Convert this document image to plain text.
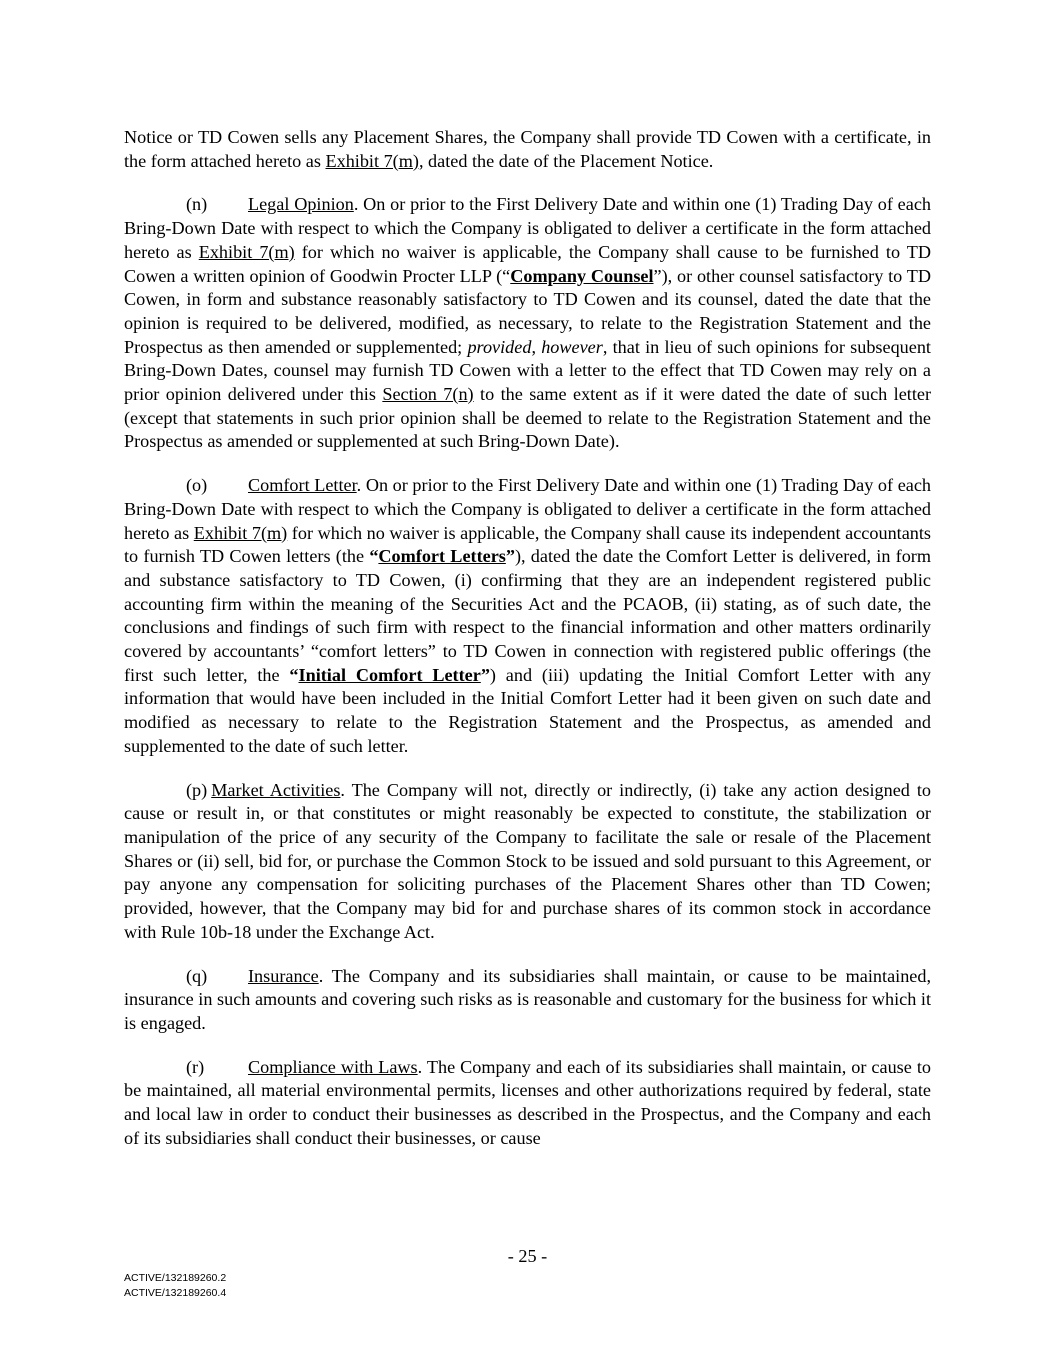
Notice or TD Cowen sells any Placement Shares, the Company shall provide TD Cowen with a certificate, in the form attached hereto as Exhibit 7(m), dated the date of the Placement Notice.

(n) Legal Opinion. On or prior to the First Delivery Date and within one (1) Trading Day of each Bring-Down Date with respect to which the Company is obligated to deliver a certificate in the form attached hereto as Exhibit 7(m) for which no waiver is applicable, the Company shall cause to be furnished to TD Cowen a written opinion of Goodwin Procter LLP (“Company Counsel”), or other counsel satisfactory to TD Cowen, in form and substance reasonably satisfactory to TD Cowen and its counsel, dated the date that the opinion is required to be delivered, modified, as necessary, to relate to the Registration Statement and the Prospectus as then amended or supplemented; provided, however, that in lieu of such opinions for subsequent Bring-Down Dates, counsel may furnish TD Cowen with a letter to the effect that TD Cowen may rely on a prior opinion delivered under this Section 7(n) to the same extent as if it were dated the date of such letter (except that statements in such prior opinion shall be deemed to relate to the Registration Statement and the Prospectus as amended or supplemented at such Bring-Down Date).

(o) Comfort Letter. On or prior to the First Delivery Date and within one (1) Trading Day of each Bring-Down Date with respect to which the Company is obligated to deliver a certificate in the form attached hereto as Exhibit 7(m) for which no waiver is applicable, the Company shall cause its independent accountants to furnish TD Cowen letters (the “Comfort Letters”), dated the date the Comfort Letter is delivered, in form and substance satisfactory to TD Cowen, (i) confirming that they are an independent registered public accounting firm within the meaning of the Securities Act and the PCAOB, (ii) stating, as of such date, the conclusions and findings of such firm with respect to the financial information and other matters ordinarily covered by accountants’ “comfort letters” to TD Cowen in connection with registered public offerings (the first such letter, the “Initial Comfort Letter”) and (iii) updating the Initial Comfort Letter with any information that would have been included in the Initial Comfort Letter had it been given on such date and modified as necessary to relate to the Registration Statement and the Prospectus, as amended and supplemented to the date of such letter.

(p) Market Activities. The Company will not, directly or indirectly, (i) take any action designed to cause or result in, or that constitutes or might reasonably be expected to constitute, the stabilization or manipulation of the price of any security of the Company to facilitate the sale or resale of the Placement Shares or (ii) sell, bid for, or purchase the Common Stock to be issued and sold pursuant to this Agreement, or pay anyone any compensation for soliciting purchases of the Placement Shares other than TD Cowen; provided, however, that the Company may bid for and purchase shares of its common stock in accordance with Rule 10b-18 under the Exchange Act.

(q) Insurance. The Company and its subsidiaries shall maintain, or cause to be maintained, insurance in such amounts and covering such risks as is reasonable and customary for the business for which it is engaged.

(r) Compliance with Laws. The Company and each of its subsidiaries shall maintain, or cause to be maintained, all material environmental permits, licenses and other authorizations required by federal, state and local law in order to conduct their businesses as described in the Prospectus, and the Company and each of its subsidiaries shall conduct their businesses, or cause

- 25 -
ACTIVE/132189260.2
ACTIVE/132189260.4
